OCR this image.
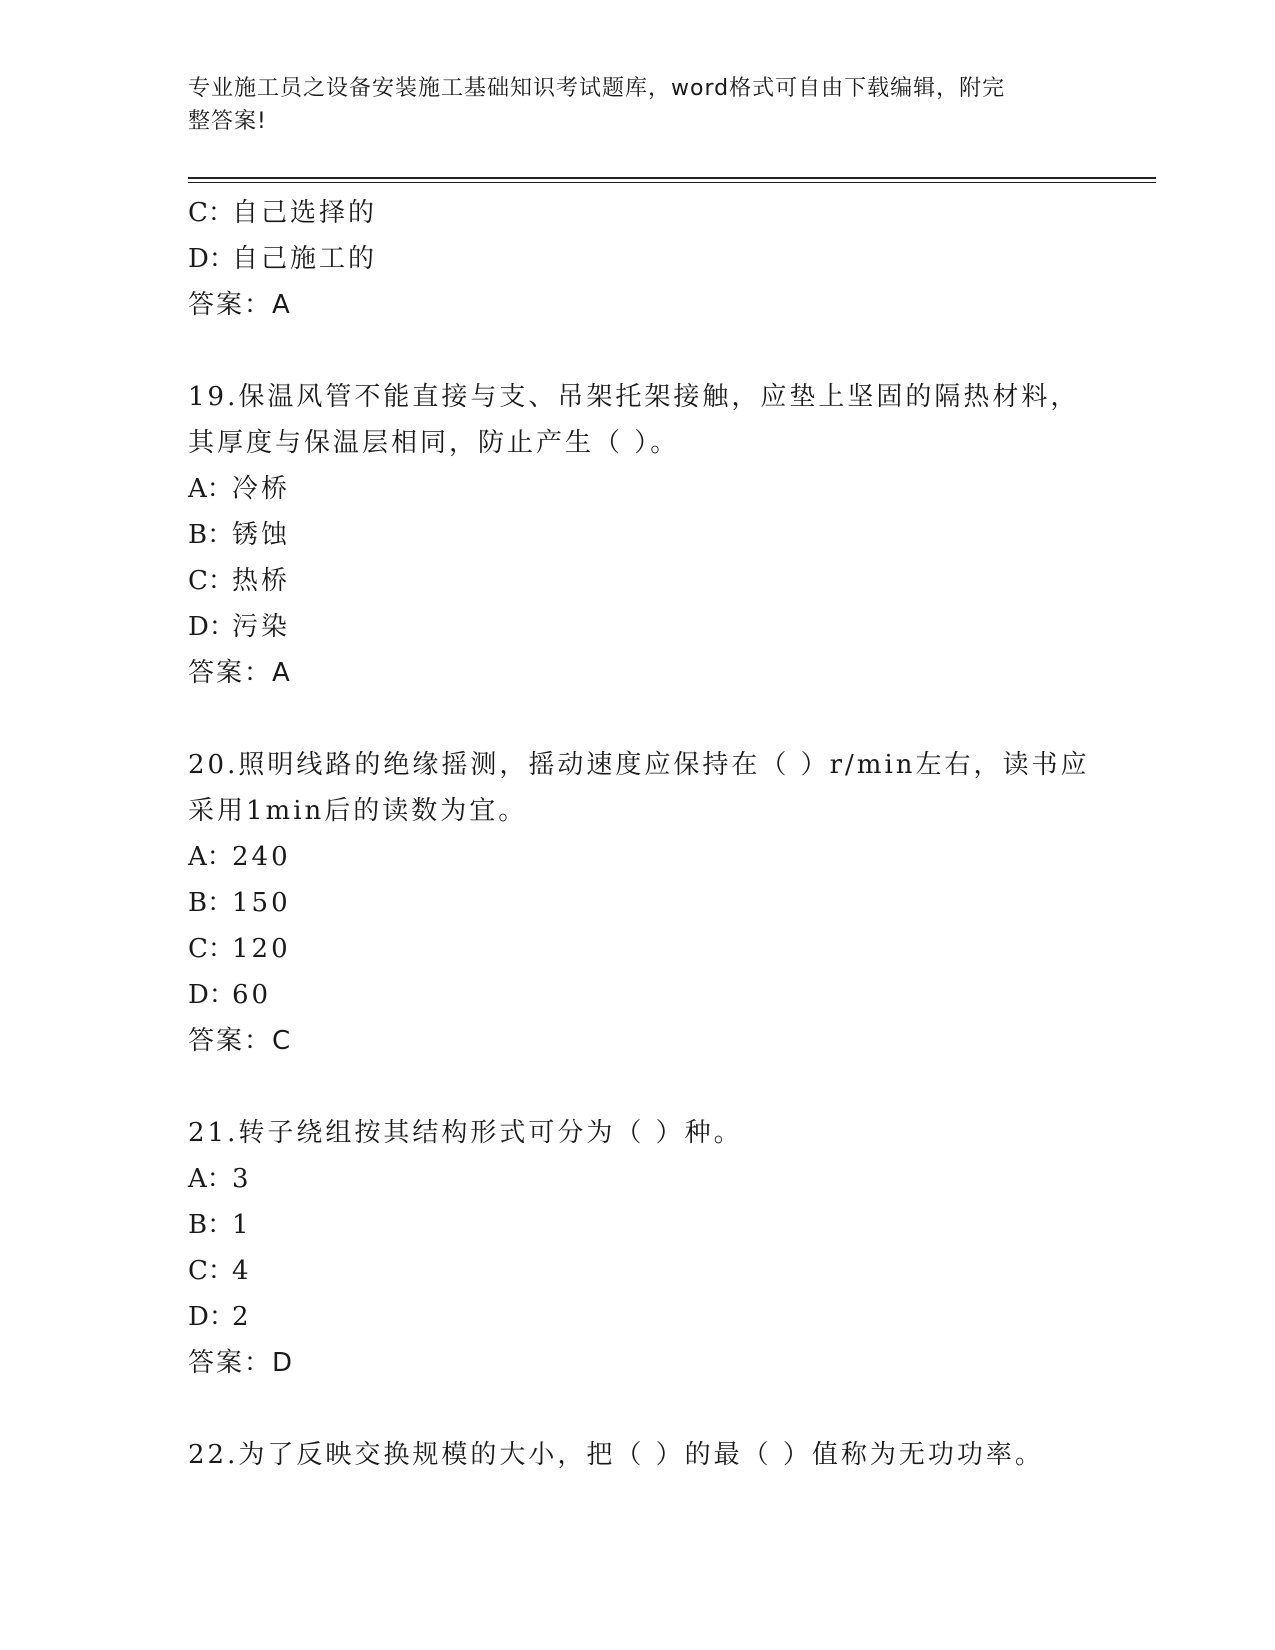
专业施工员之设备安装施工基础知识考试题库，word格式可自由下载编辑，附完
整答案!
C：自己选择的
D：自己施工的
答案：A
19.保温风管不能直接与支、吊架托架接触，应垫上坚固的隔热材料，
其厚度与保温层相同，防止产生（ ）。
A：冷桥
B：锈蚀
C：热桥
D：污染
答案：A
20.照明线路的绝缘摇测，摇动速度应保持在（ ）r/min左右，读书应
采用1min后的读数为宜。
A：240
B：150
C：120
D：60
答案：C
21.转子绕组按其结构形式可分为（ ）种。
A：3
B：1
C：4
D：2
答案：D
22.为了反映交换规模的大小，把（ ）的最（ ）值称为无功功率。
